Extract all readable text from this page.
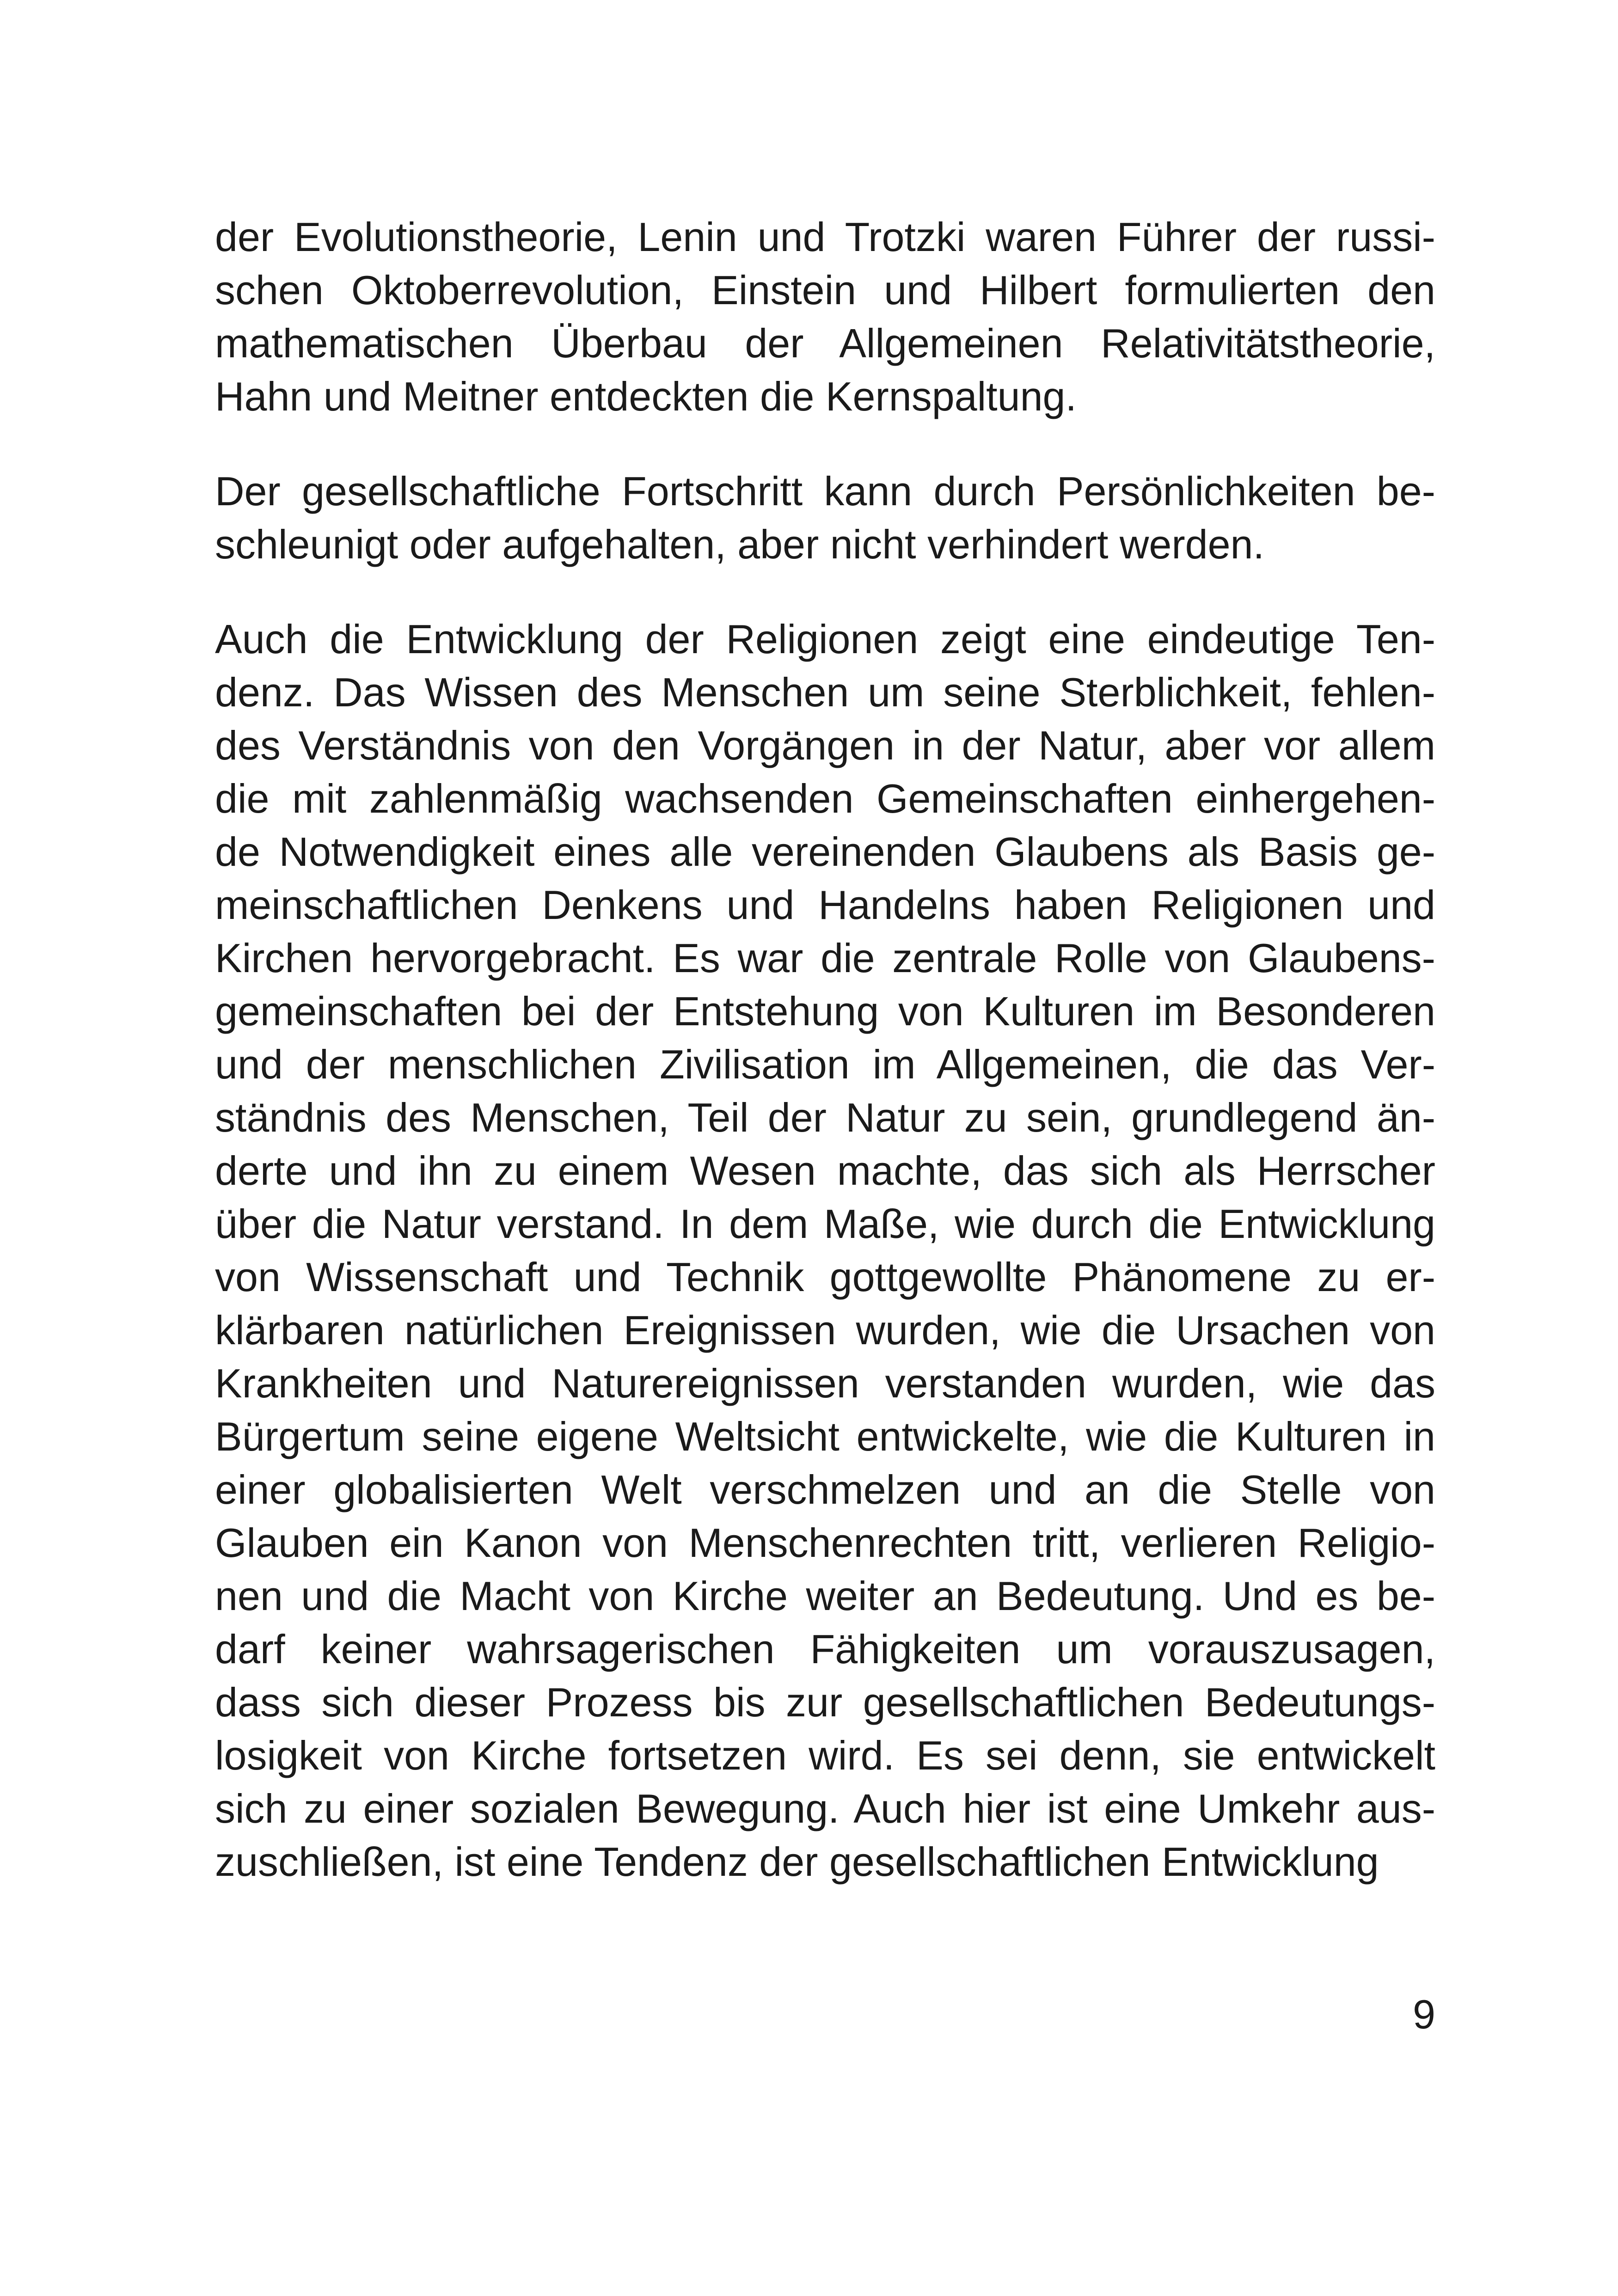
der Evolutionstheorie, Lenin und Trotzki waren Führer der russi-
schen Oktoberrevolution, Einstein und Hilbert formulierten den
mathematischen Überbau der Allgemeinen Relativitätstheorie,
Hahn und Meitner entdeckten die Kernspaltung.
Der gesellschaftliche Fortschritt kann durch Persönlichkeiten be-
schleunigt oder aufgehalten, aber nicht verhindert werden.
Auch die Entwicklung der Religionen zeigt eine eindeutige Ten-
denz. Das Wissen des Menschen um seine Sterblichkeit, fehlen-
des Verständnis von den Vorgängen in der Natur, aber vor allem
die mit zahlenmäßig wachsenden Gemeinschaften einhergehen-
de Notwendigkeit eines alle vereinenden Glaubens als Basis ge-
meinschaftlichen Denkens und Handelns haben Religionen und
Kirchen hervorgebracht. Es war die zentrale Rolle von Glaubens-
gemeinschaften bei der Entstehung von Kulturen im Besonderen
und der menschlichen Zivilisation im Allgemeinen, die das Ver-
ständnis des Menschen, Teil der Natur zu sein, grundlegend än-
derte und ihn zu einem Wesen machte, das sich als Herrscher
über die Natur verstand. In dem Maße, wie durch die Entwicklung
von Wissenschaft und Technik gottgewollte Phänomene zu er-
klärbaren natürlichen Ereignissen wurden, wie die Ursachen von
Krankheiten und Naturereignissen verstanden wurden, wie das
Bürgertum seine eigene Weltsicht entwickelte, wie die Kulturen in
einer globalisierten Welt verschmelzen und an die Stelle von
Glauben ein Kanon von Menschenrechten tritt, verlieren Religio-
nen und die Macht von Kirche weiter an Bedeutung. Und es be-
darf keiner wahrsagerischen Fähigkeiten um vorauszusagen,
dass sich dieser Prozess bis zur gesellschaftlichen Bedeutungs-
losigkeit von Kirche fortsetzen wird. Es sei denn, sie entwickelt
sich zu einer sozialen Bewegung. Auch hier ist eine Umkehr aus-
zuschließen, ist eine Tendenz der gesellschaftlichen Entwicklung
9
